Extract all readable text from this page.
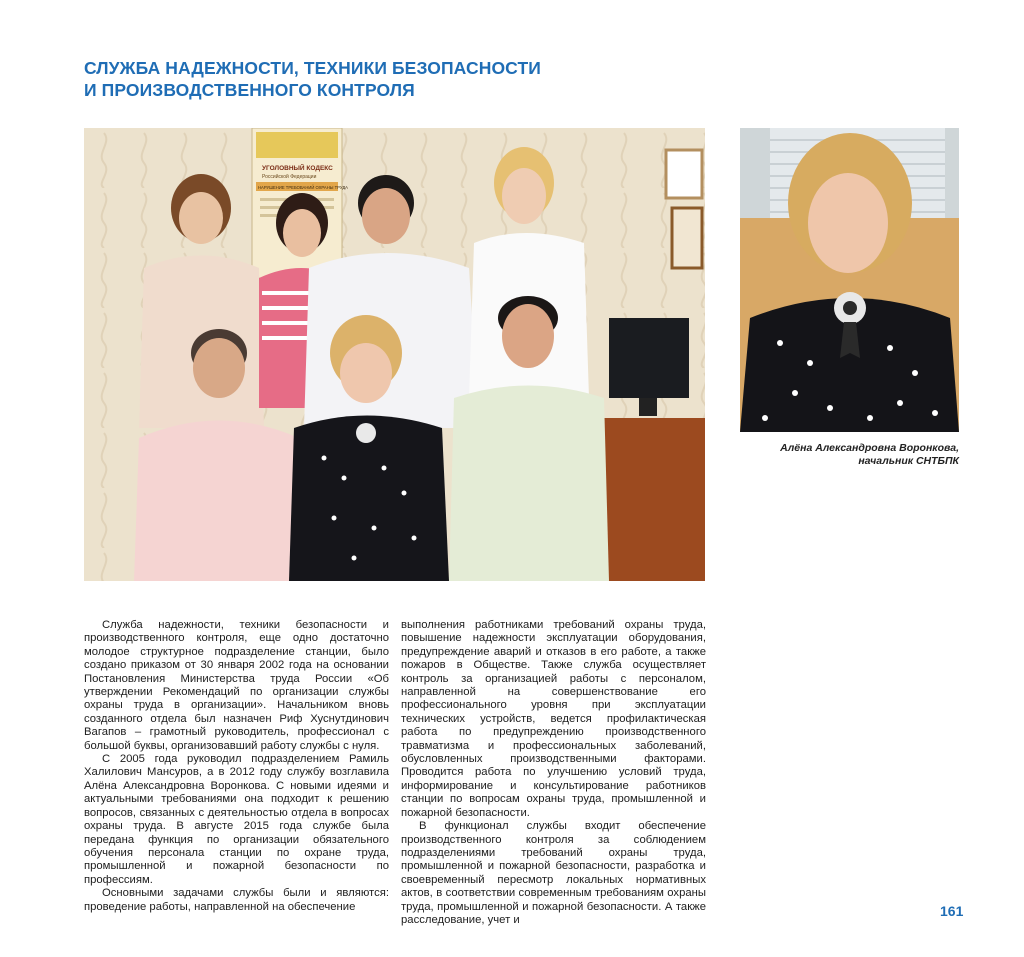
СЛУЖБА НАДЕЖНОСТИ, ТЕХНИКИ БЕЗОПАСНОСТИ
И ПРОИЗВОДСТВЕННОГО КОНТРОЛЯ
УГОЛОВНЫЙ КОДЕКС
Российской Федерации
НАРУШЕНИЕ ТРЕБОВАНИЙ ОХРАНЫ ТРУДА
Алёна Александровна Воронкова,
начальник СНТБПК

Служба надежности, техники безопасности и производственного контроля, еще одно достаточно молодое структурное подразделение станции, было создано приказом от 30 января 2002 года на основании Постановления Министерства труда России «Об утверждении Рекомендаций по организации службы охраны труда в организации». Начальником вновь созданного отдела был назначен Риф Хуснутдинович Вагапов – грамотный руководитель, профессионал с большой буквы, организовавший работу службы с нуля.

С 2005 года руководил подразделением Рамиль Халилович Мансуров, а в 2012 году службу возглавила Алёна Александровна Воронкова. С новыми идеями и актуальными требованиями она подходит к решению вопросов, связанных с деятельностью отдела в вопросах охраны труда. В августе 2015 года службе была передана функция по организации обязательного обучения персонала станции по охране труда, промышленной и пожарной безопасности по профессиям.

Основными задачами службы были и являются: проведение работы, направленной на обеспечение

выполнения работниками требований охраны труда, повышение надежности эксплуатации оборудования, предупреждение аварий и отказов в его работе, а также пожаров в Обществе. Также служба осуществляет контроль за организацией работы с персоналом, направленной на совершенствование его профессионального уровня при эксплуатации технических устройств, ведется профилактическая работа по предупреждению производственного травматизма и профессиональных заболеваний, обусловленных производственными факторами. Проводится работа по улучшению условий труда, информирование и консультирование работников станции по вопросам охраны труда, промышленной и пожарной безопасности.

В функционал службы входит обеспечение производственного контроля за соблюдением подразделениями требований охраны труда, промышленной и пожарной безопасности, разработка и своевременный пересмотр локальных нормативных актов, в соответствии современным требованиям охраны труда, промышленной и пожарной безопасности. А также расследование, учет и

161
